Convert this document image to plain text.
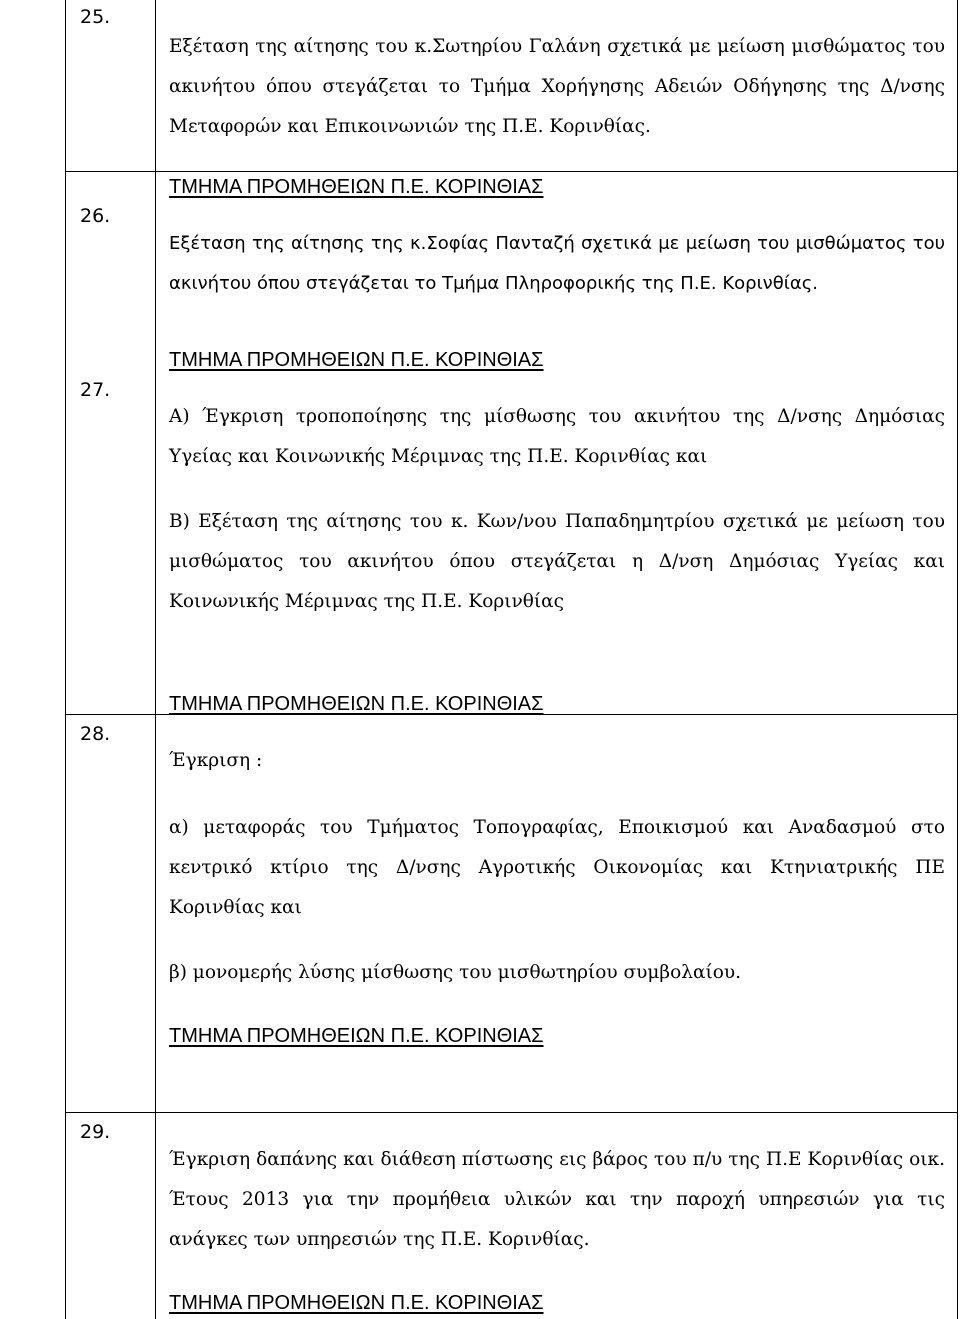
25.

Εξέταση της αίτησης του κ.Σωτηρίου Γαλάνη σχετικά με μείωση μισθώματος του ακινήτου όπου στεγάζεται το Τμήμα Χορήγησης Αδειών Οδήγησης της Δ/νσης Μεταφορών και Επικοινωνιών της Π.Ε. Κορινθίας.

ΤΜΗΜΑ ΠΡΟΜΗΘΕΙΩΝ Π.Ε. ΚΟΡΙΝΘΙΑΣ
26.

Εξέταση της αίτησης της κ.Σοφίας Πανταζή σχετικά με μείωση του μισθώματος του ακινήτου όπου στεγάζεται το Τμήμα Πληροφορικής της Π.Ε. Κορινθίας.

ΤΜΗΜΑ ΠΡΟΜΗΘΕΙΩΝ Π.Ε. ΚΟΡΙΝΘΙΑΣ
27.

Α) Έγκριση τροποποίησης της μίσθωσης του ακινήτου της Δ/νσης Δημόσιας Υγείας και Κοινωνικής Μέριμνας της Π.Ε. Κορινθίας και

Β) Εξέταση της αίτησης του κ. Κων/νου Παπαδημητρίου σχετικά με μείωση του μισθώματος του ακινήτου όπου στεγάζεται η Δ/νση Δημόσιας Υγείας και Κοινωνικής Μέριμνας της Π.Ε. Κορινθίας

ΤΜΗΜΑ ΠΡΟΜΗΘΕΙΩΝ Π.Ε. ΚΟΡΙΝΘΙΑΣ
28.

Έγκριση :

α) μεταφοράς του Τμήματος Τοπογραφίας, Εποικισμού και Αναδασμού στο κεντρικό κτίριο της Δ/νσης Αγροτικής Οικονομίας και Κτηνιατρικής ΠΕ Κορινθίας και

β) μονομερής λύσης μίσθωσης του μισθωτηρίου συμβολαίου.

ΤΜΗΜΑ ΠΡΟΜΗΘΕΙΩΝ Π.Ε. ΚΟΡΙΝΘΙΑΣ
29.

Έγκριση δαπάνης και διάθεση πίστωσης εις βάρος του π/υ της Π.Ε Κορινθίας οικ. Έτους 2013 για την προμήθεια υλικών και την παροχή υπηρεσιών για τις ανάγκες των υπηρεσιών της Π.Ε. Κορινθίας.

ΤΜΗΜΑ ΠΡΟΜΗΘΕΙΩΝ Π.Ε. ΚΟΡΙΝΘΙΑΣ
